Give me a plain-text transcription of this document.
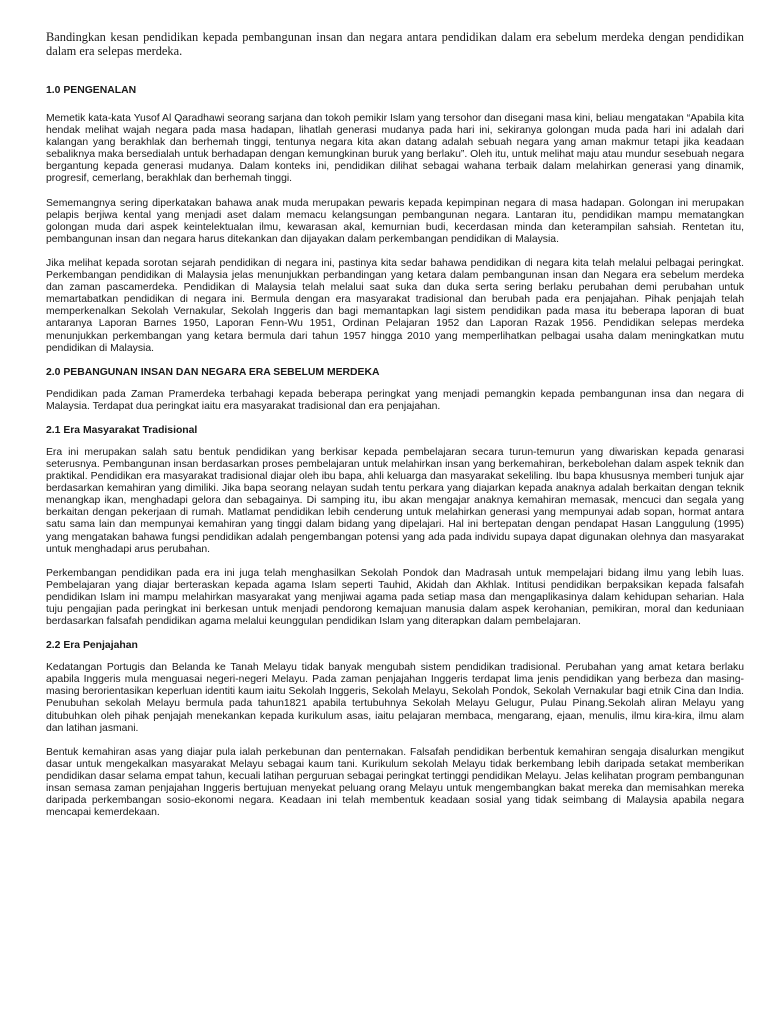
Bandingkan kesan pendidikan kepada pembangunan insan dan negara antara pendidikan dalam era sebelum merdeka dengan pendidikan dalam era selepas merdeka.

1.0 PENGENALAN

Memetik kata-kata Yusof Al Qaradhawi seorang sarjana dan tokoh pemikir Islam yang tersohor dan disegani masa kini, beliau mengatakan “Apabila kita hendak melihat wajah negara pada masa hadapan, lihatlah generasi mudanya pada hari ini, sekiranya golongan muda pada hari ini adalah dari kalangan yang berakhlak dan berhemah tinggi, tentunya negara kita akan datang adalah sebuah negara yang aman makmur tetapi jika keadaan sebaliknya maka bersedialah untuk berhadapan dengan kemungkinan buruk yang berlaku”. Oleh itu, untuk melihat maju atau mundur sesebuah negara bergantung kepada generasi mudanya. Dalam konteks ini, pendidikan dilihat sebagai wahana terbaik dalam melahirkan generasi yang dinamik, progresif, cemerlang, berakhlak dan berhemah tinggi.

Sememangnya sering diperkatakan bahawa anak muda merupakan pewaris kepada kepimpinan negara di masa hadapan. Golongan ini merupakan pelapis berjiwa kental yang menjadi aset dalam memacu kelangsungan pembangunan negara. Lantaran itu, pendidikan mampu mematangkan golongan muda dari aspek keintelektualan ilmu, kewarasan akal, kemurnian budi, kecerdasan minda dan keterampilan sahsiah. Rentetan itu, pembangunan insan dan negara harus ditekankan dan dijayakan dalam perkembangan pendidikan di Malaysia.

Jika melihat kepada sorotan sejarah pendidikan di negara ini, pastinya kita sedar bahawa pendidikan di negara kita telah melalui pelbagai peringkat. Perkembangan pendidikan di Malaysia jelas menunjukkan perbandingan yang ketara dalam pembangunan insan dan Negara era sebelum merdeka dan zaman pascamerdeka. Pendidikan di Malaysia telah melalui saat suka dan duka serta sering berlaku perubahan demi perubahan untuk memartabatkan pendidikan di negara ini. Bermula dengan era masyarakat tradisional dan berubah pada era penjajahan. Pihak penjajah telah memperkenalkan Sekolah Vernakular, Sekolah Inggeris dan bagi memantapkan lagi sistem pendidikan pada masa itu beberapa laporan di buat antaranya Laporan Barnes 1950, Laporan Fenn-Wu 1951, Ordinan Pelajaran 1952 dan Laporan Razak 1956. Pendidikan selepas merdeka menunjukkan perkembangan yang ketara bermula dari tahun 1957 hingga 2010 yang memperlihatkan pelbagai usaha dalam meningkatkan mutu pendidikan di Malaysia.

2.0 PEBANGUNAN INSAN DAN NEGARA ERA SEBELUM MERDEKA

Pendidikan pada Zaman Pramerdeka terbahagi kepada beberapa peringkat yang menjadi pemangkin kepada pembangunan insa dan negara di Malaysia. Terdapat dua peringkat iaitu era masyarakat tradisional dan era penjajahan.

2.1 Era Masyarakat Tradisional

Era ini merupakan salah satu bentuk pendidikan yang berkisar kepada pembelajaran secara turun-temurun yang diwariskan kepada genarasi seterusnya. Pembangunan insan berdasarkan proses pembelajaran untuk melahirkan insan yang berkemahiran, berkebolehan dalam aspek teknik dan praktikal. Pendidikan era masyarakat tradisional diajar oleh ibu bapa, ahli keluarga dan masyarakat sekeliling. Ibu bapa khususnya memberi tunjuk ajar berdasarkan kemahiran yang dimiliki. Jika bapa seorang nelayan sudah tentu perkara yang diajarkan kepada anaknya adalah berkaitan dengan teknik menangkap ikan, menghadapi gelora dan sebagainya. Di samping itu, ibu akan mengajar anaknya kemahiran memasak, mencuci dan segala yang berkaitan dengan pekerjaan di rumah. Matlamat pendidikan lebih cenderung untuk melahirkan generasi yang mempunyai adab sopan, hormat antara satu sama lain dan mempunyai kemahiran yang tinggi dalam bidang yang dipelajari. Hal ini bertepatan dengan pendapat Hasan Langgulung (1995) yang mengatakan bahawa fungsi pendidikan adalah pengembangan potensi yang ada pada individu supaya dapat digunakan olehnya dan masyarakat untuk menghadapi arus perubahan.

Perkembangan pendidikan pada era ini juga telah menghasilkan Sekolah Pondok dan Madrasah untuk mempelajari bidang ilmu yang lebih luas. Pembelajaran yang diajar berteraskan kepada agama Islam seperti Tauhid, Akidah dan Akhlak. Intitusi pendidikan berpaksikan kepada falsafah pendidikan Islam ini mampu melahirkan masyarakat yang menjiwai agama pada setiap masa dan mengaplikasinya dalam kehidupan seharian. Hala tuju pengajian pada peringkat ini berkesan untuk menjadi pendorong kemajuan manusia dalam aspek kerohanian, pemikiran, moral dan keduniaan berdasarkan falsafah pendidikan agama melalui keunggulan pendidikan Islam yang diterapkan dalam pembelajaran.

2.2 Era Penjajahan

Kedatangan Portugis dan Belanda ke Tanah Melayu tidak banyak mengubah sistem pendidikan tradisional. Perubahan yang amat ketara berlaku apabila Inggeris mula menguasai negeri-negeri Melayu. Pada zaman penjajahan Inggeris terdapat lima jenis pendidikan yang berbeza dan masing-masing berorientasikan keperluan identiti kaum iaitu Sekolah Inggeris, Sekolah Melayu, Sekolah Pondok, Sekolah Vernakular bagi etnik Cina dan India. Penubuhan sekolah Melayu bermula pada tahun1821 apabila tertubuhnya Sekolah Melayu Gelugur, Pulau Pinang.Sekolah aliran Melayu yang ditubuhkan oleh pihak penjajah menekankan kepada kurikulum asas, iaitu pelajaran membaca, mengarang, ejaan, menulis, ilmu kira-kira, ilmu alam dan latihan jasmani.

Bentuk kemahiran asas yang diajar pula ialah perkebunan dan penternakan. Falsafah pendidikan berbentuk kemahiran sengaja disalurkan mengikut dasar untuk mengekalkan masyarakat Melayu sebagai kaum tani. Kurikulum sekolah Melayu tidak berkembang lebih daripada setakat memberikan pendidikan dasar selama empat tahun, kecuali latihan perguruan sebagai peringkat tertinggi pendidikan Melayu. Jelas kelihatan program pembangunan insan semasa zaman penjajahan Inggeris bertujuan menyekat peluang orang Melayu untuk mengembangkan bakat mereka dan memisahkan mereka daripada perkembangan sosio-ekonomi negara. Keadaan ini telah membentuk keadaan sosial yang tidak seimbang di Malaysia apabila negara mencapai kemerdekaan.
